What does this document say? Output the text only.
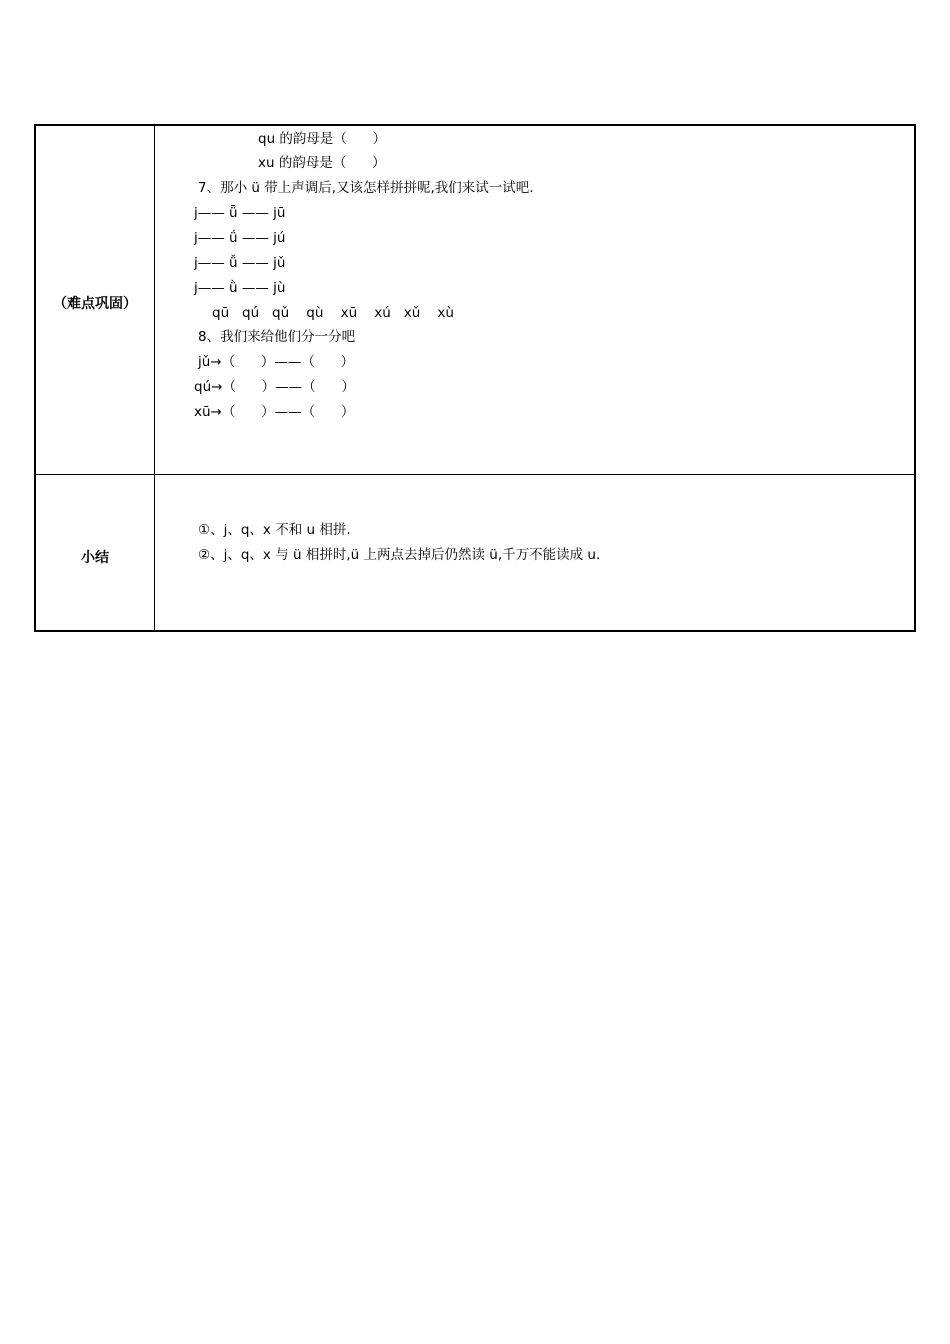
（难点巩固）
qu 的韵母是（      ）
xu 的韵母是（      ）
7、那小 ü 带上声调后,又该怎样拼拼呢,我们来试一试吧.
j—— ǖ —— jū
j—— ǘ —— jú
j—— ǚ —— jǔ
j—— ǜ —— jù
qū   qú   qǔ    qù    xū    xú   xǔ    xù
8、我们来给他们分一分吧
jǔ→（      ）——（      ）
qú→（      ）——（      ）
xū→（      ）——（      ）
小结
①、j、q、x 不和 u 相拼.
②、j、q、x 与 ü 相拼时,ü 上两点去掉后仍然读 ü,千万不能读成 u.
